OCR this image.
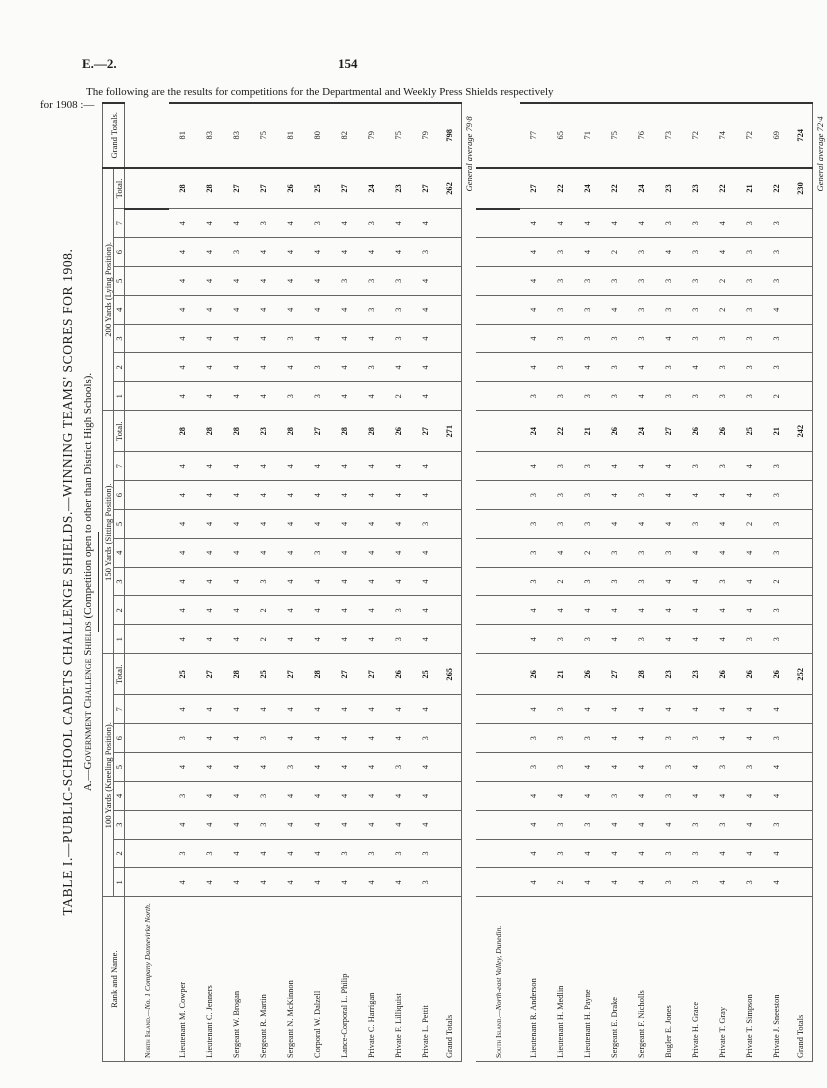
E.—2.	154
The following are the results for competitions for the Departmental and Weekly Press Shields respectively
for 1908 :—
TABLE I.—PUBLIC-SCHOOL CADETS CHALLENGE SHIELDS.—WINNING TEAMS' SCORES FOR 1908. A.—Government Challenge Shields (Competition open to other than District High Schools).
Rank and Name.	100 Yards (Kneeling Position).								150 Yards (Sitting Position).								200 Yards (Lying Position).								Grand Totals.
	1	2	3	4	5	6	7	Total.	1	2	3	4	5	6	7	Total.	1	2	3	4	5	6	7	Total.	
North Island.—No. 1 Company Dannevirke North.																									
Lieutenant M. Cowper	4	3	4	3	4	3	4	25	4	4	4	4	4	4	4	28	4	4	4	4	4	4	4	28	81
Lieutenant C. Jenners	4	3	4	4	4	4	4	27	4	4	4	4	4	4	4	28	4	4	4	4	4	4	4	28	83
Sergeant W. Brogan	4	4	4	4	4	4	4	28	4	4	4	4	4	4	4	28	4	4	4	4	4	3	4	27	83
Sergeant R. Martin	4	4	3	3	4	3	4	25	2	2	3	4	4	4	4	23	4	4	4	4	4	4	3	27	75
Sergeant N. McKinnon	4	4	4	4	3	4	4	27	4	4	4	4	4	4	4	28	3	4	3	4	4	4	4	26	81
Corporal W. Dalzell	4	4	4	4	4	4	4	28	4	4	4	3	4	4	4	27	3	3	4	4	4	4	3	25	80
Lance-Corporal L. Philip	4	3	4	4	4	4	4	27	4	4	4	4	4	4	4	28	4	4	4	4	3	4	4	27	82
Private C. Harrigan	4	3	4	4	4	4	4	27	4	4	4	4	4	4	4	28	4	3	4	3	3	4	3	24	79
Private F. Lilliquist	4	3	4	4	3	4	4	26	3	3	4	4	4	4	4	26	2	4	3	3	3	4	4	23	75
Private L. Pettit	3	3	4	4	4	3	4	25	4	4	4	4	3	4	4	27	4	4	4	4	4	3	4	27	79
Grand Totals								265								271								262	798
General average 79·8																									
South Island.—North-east Valley, Dunedin.																									
Lieutenant R. Anderson	4	4	4	4	3	3	4	26	4	4	3	3	3	3	4	24	3	4	4	4	4	4	4	27	77
Lieutenant H. Medlin	2	3	3	4	3	3	3	21	3	4	2	4	3	3	3	22	3	3	3	3	3	3	4	22	65
Lieutenant H. Payne	4	4	3	4	4	3	4	26	3	4	3	2	3	3	3	21	3	4	3	3	3	4	4	24	71
Sergeant E. Drake	4	4	4	3	4	4	4	27	4	4	3	3	4	4	4	26	3	3	3	4	3	2	4	22	75
Sergeant F. Nicholls	4	4	4	4	4	4	4	28	3	4	3	3	4	3	4	24	4	4	3	3	3	3	4	24	76
Bugler E. Jones	3	3	4	3	3	3	4	23	4	4	4	3	4	4	4	27	3	3	4	3	3	4	3	23	73
Private H. Grace	3	3	3	4	4	3	4	23	4	4	4	4	3	4	3	26	3	4	3	3	3	3	3	23	72
Private T. Gray	4	4	3	4	3	4	4	26	4	4	3	4	4	4	3	26	3	3	3	2	2	4	4	22	74
Private T. Simpson	3	4	4	4	3	4	4	26	3	4	4	4	2	4	4	25	3	3	3	3	3	3	3	21	72
Private J. Sneeston	4	4	3	4	4	3	4	26	3	3	2	3	3	3	3	21	2	3	3	4	3	3	3	22	69
Grand Totals								252								242								230	724
General average 72·4																									
